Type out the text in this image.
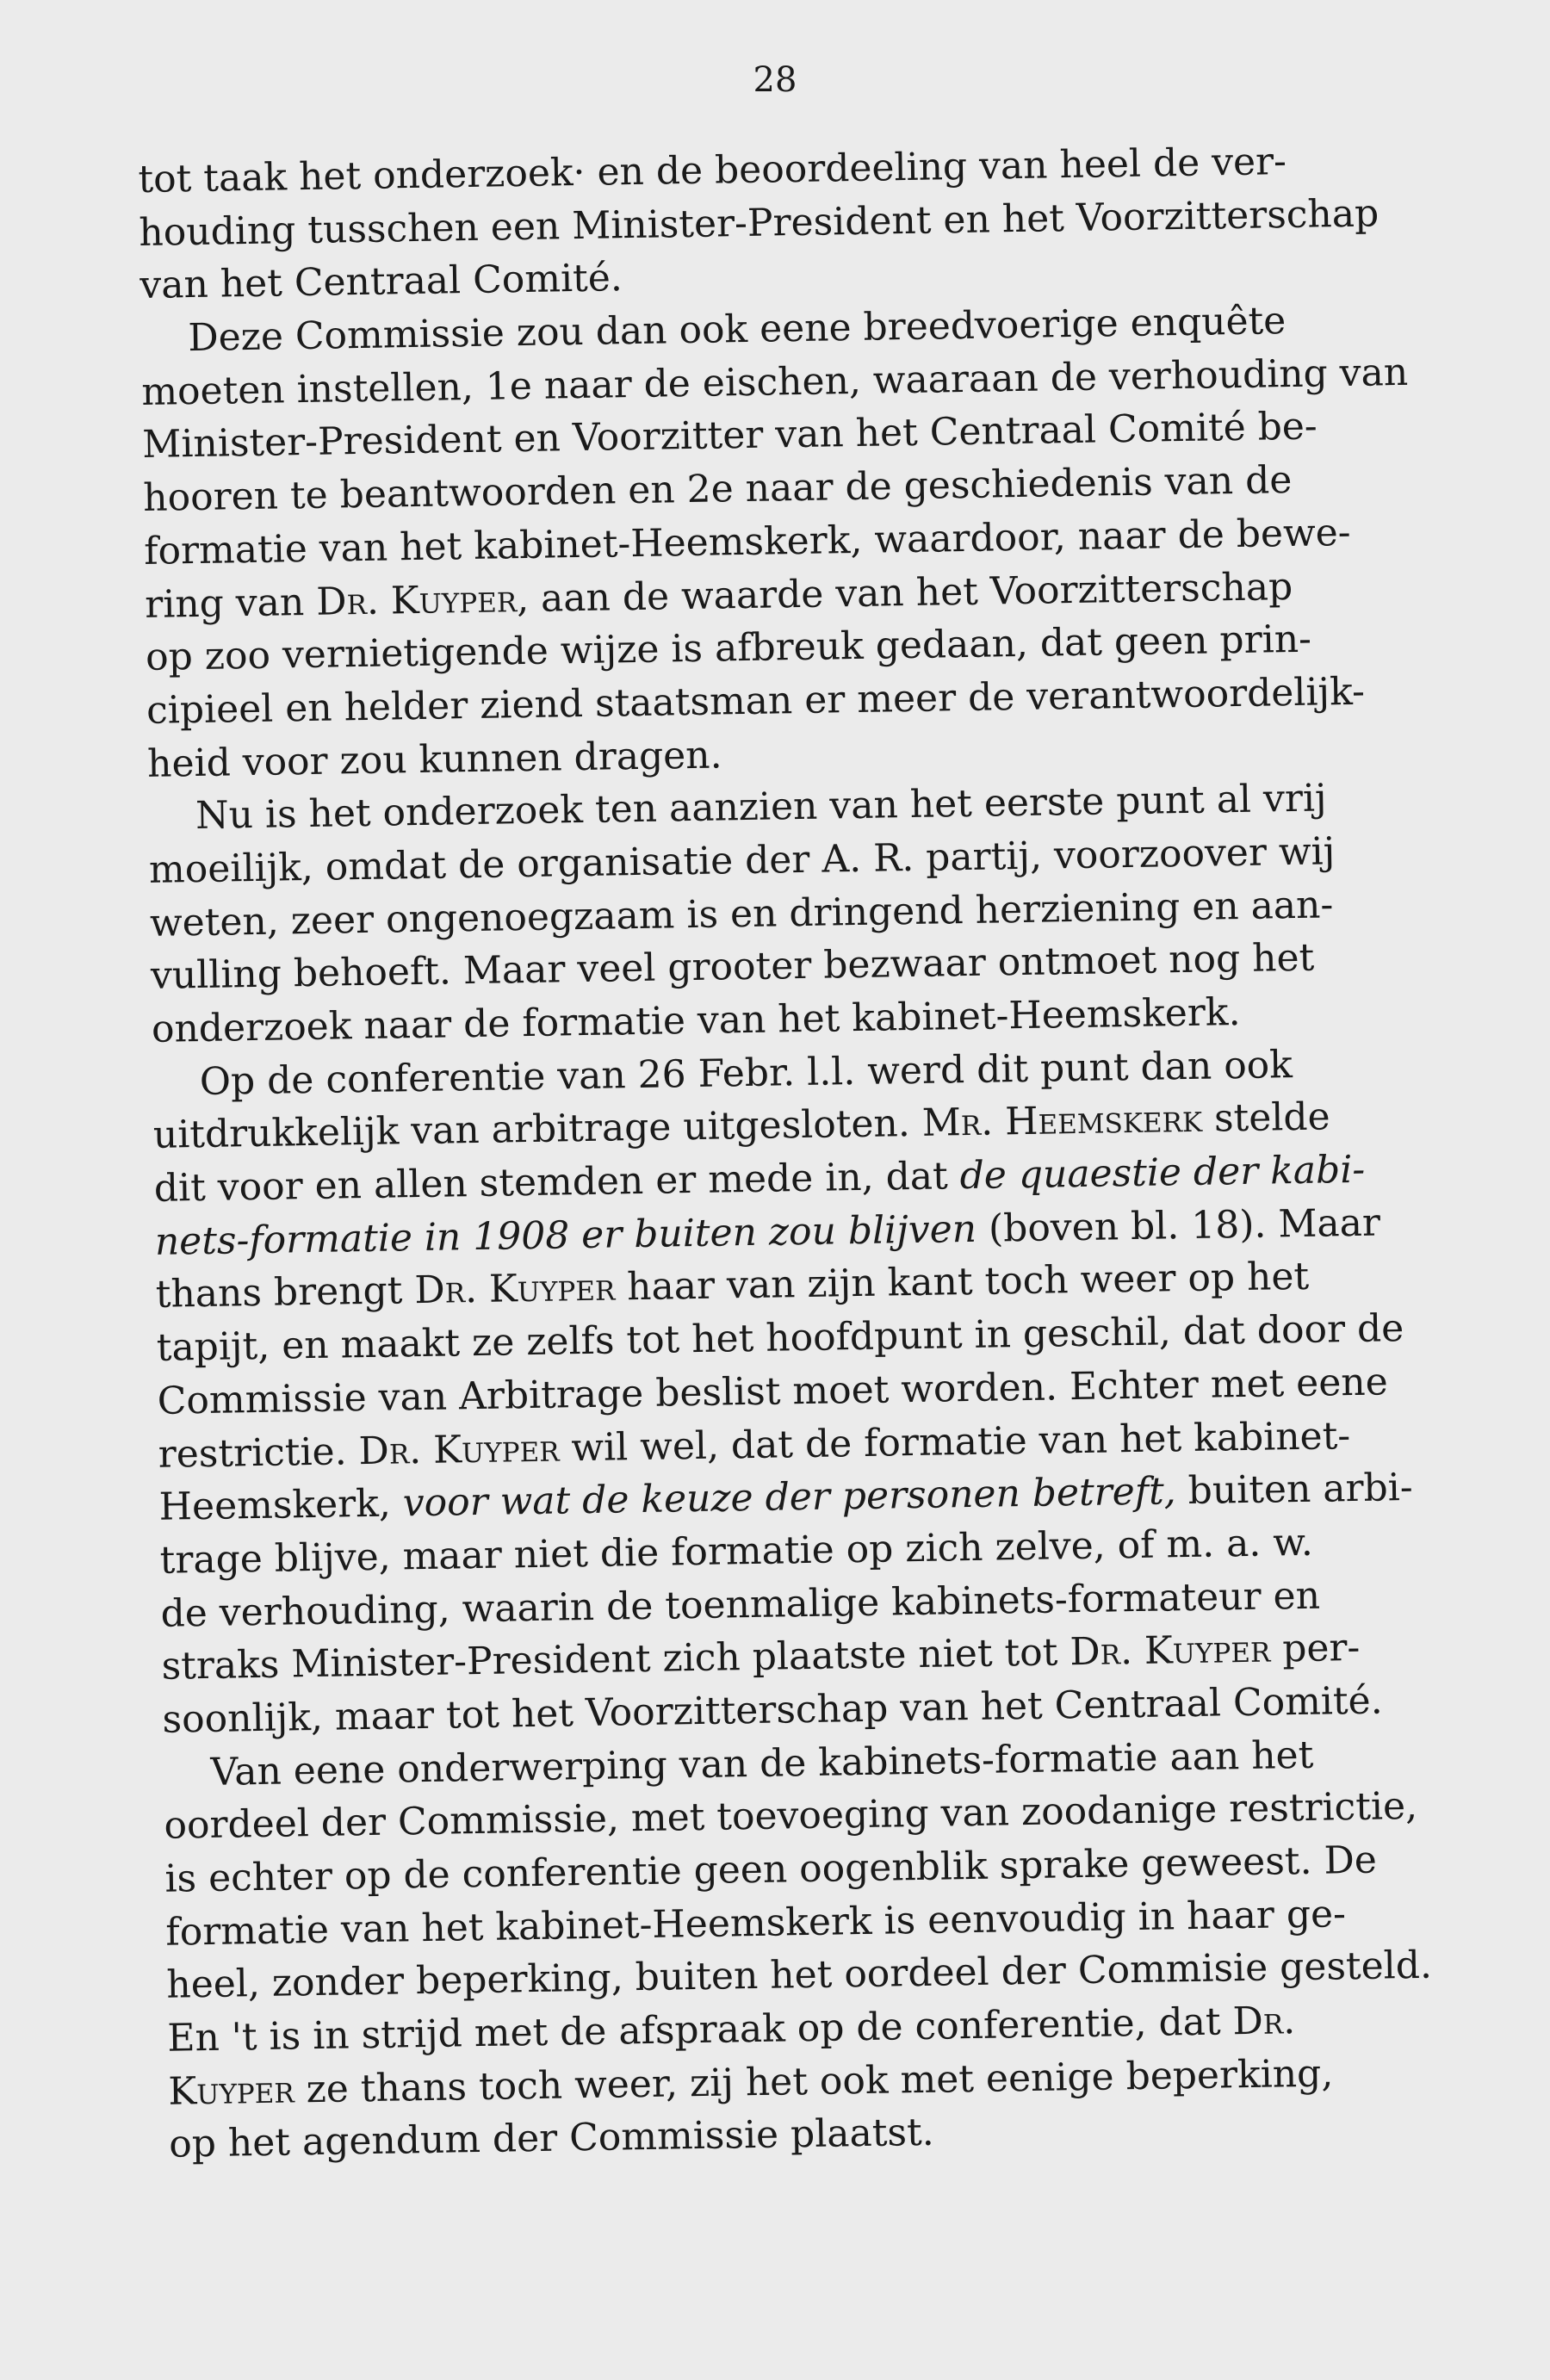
28
tot taak het onderzoek· en de beoordeeling van heel de ver-
houding tusschen een Minister-President en het Voorzitterschap
van het Centraal Comité.
Deze Commissie zou dan ook eene breedvoerige enquête
moeten instellen, 1e naar de eischen, waaraan de verhouding van
Minister-President en Voorzitter van het Centraal Comité be-
hooren te beantwoorden en 2e naar de geschiedenis van de
formatie van het kabinet-Heemskerk, waardoor, naar de bewe-
ring van Dr. Kuyper, aan de waarde van het Voorzitterschap
op zoo vernietigende wijze is afbreuk gedaan, dat geen prin-
cipieel en helder ziend staatsman er meer de verantwoordelijk-
heid voor zou kunnen dragen.
Nu is het onderzoek ten aanzien van het eerste punt al vrij
moeilijk, omdat de organisatie der A. R. partij, voorzoover wij
weten, zeer ongenoegzaam is en dringend herziening en aan-
vulling behoeft. Maar veel grooter bezwaar ontmoet nog het
onderzoek naar de formatie van het kabinet-Heemskerk.
Op de conferentie van 26 Febr. l.l. werd dit punt dan ook
uitdrukkelijk van arbitrage uitgesloten. Mr. Heemskerk stelde
dit voor en allen stemden er mede in, dat de quaestie der kabi-
nets-formatie in 1908 er buiten zou blijven (boven bl. 18). Maar
thans brengt Dr. Kuyper haar van zijn kant toch weer op het
tapijt, en maakt ze zelfs tot het hoofdpunt in geschil, dat door de
Commissie van Arbitrage beslist moet worden. Echter met eene
restrictie. Dr. Kuyper wil wel, dat de formatie van het kabinet-
Heemskerk, voor wat de keuze der personen betreft, buiten arbi-
trage blijve, maar niet die formatie op zich zelve, of m. a. w.
de verhouding, waarin de toenmalige kabinets-formateur en
straks Minister-President zich plaatste niet tot Dr. Kuyper per-
soonlijk, maar tot het Voorzitterschap van het Centraal Comité.
Van eene onderwerping van de kabinets-formatie aan het
oordeel der Commissie, met toevoeging van zoodanige restrictie,
is echter op de conferentie geen oogenblik sprake geweest. De
formatie van het kabinet-Heemskerk is eenvoudig in haar ge-
heel, zonder beperking, buiten het oordeel der Commisie gesteld.
En 't is in strijd met de afspraak op de conferentie, dat Dr.
Kuyper ze thans toch weer, zij het ook met eenige beperking,
op het agendum der Commissie plaatst.
